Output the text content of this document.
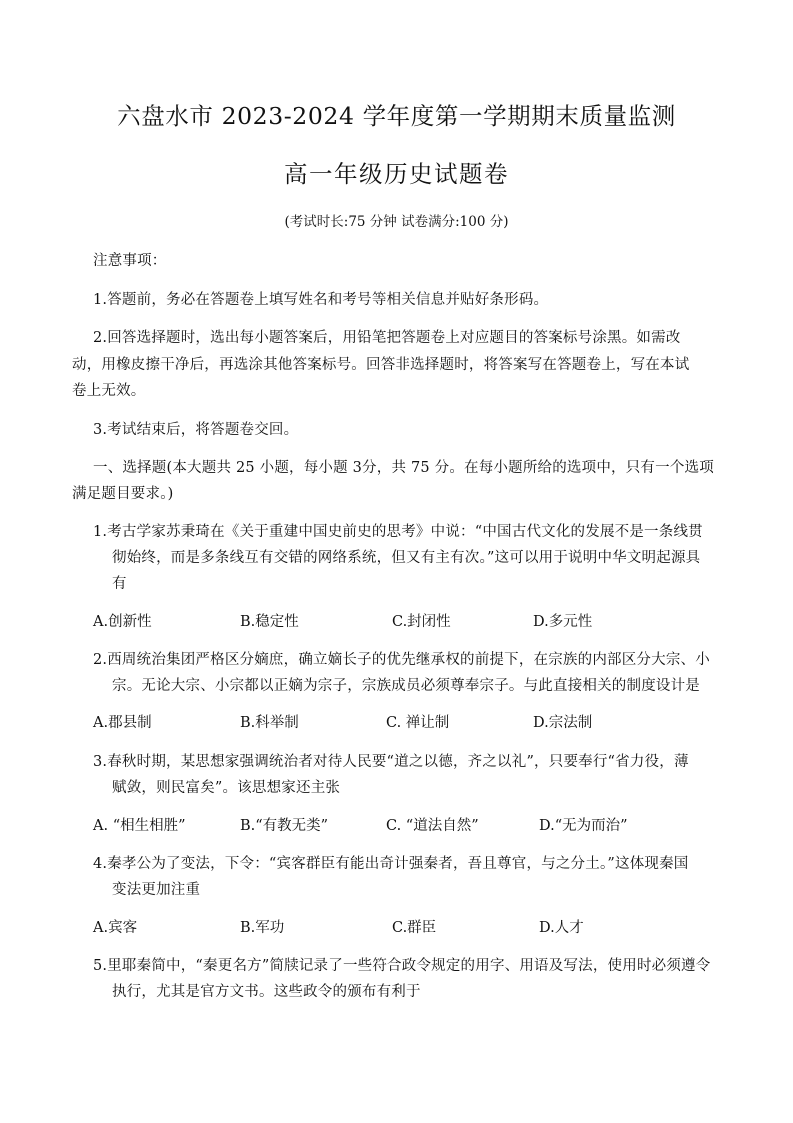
六盘水市 2023-2024 学年度第一学期期末质量监测
高一年级历史试题卷
(考试时长:75 分钟 试卷满分:100 分)
注意事项：
1.答题前，务必在答题卷上填写姓名和考号等相关信息并贴好条形码。
2.回答选择题时，选出每小题答案后，用铅笔把答题卷上对应题目的答案标号涂黑。如需改
动，用橡皮擦干净后，再选涂其他答案标号。回答非选择题时，将答案写在答题卷上，写在本试
卷上无效。
3.考试结束后，将答题卷交回。
一、选择题(本大题共 25 小题，每小题 3分，共 75 分。在每小题所给的选项中，只有一个选项
满足题目要求。)
1.考古学家苏秉琦在《关于重建中国史前史的思考》中说：“中国古代文化的发展不是一条线贯
彻始终，而是多条线互有交错的网络系统，但又有主有次。”这可以用于说明中华文明起源具
有
A.创新性	B.稳定性	C.封闭性	D.多元性
2.西周统治集团严格区分嫡庶，确立嫡长子的优先继承权的前提下，在宗族的内部区分大宗、小
宗。无论大宗、小宗都以正嫡为宗子，宗族成员必须尊奉宗子。与此直接相关的制度设计是
A.郡县制	B.科举制	C. 禅让制	D.宗法制
3.春秋时期，某思想家强调统治者对待人民要“道之以德，齐之以礼”，只要奉行“省力役，薄
赋敛，则民富矣”。该思想家还主张
A. “相生相胜”	B.“有教无类”	C. “道法自然”	D.“无为而治”
4.秦孝公为了变法，下令：“宾客群臣有能出奇计强秦者，吾且尊官，与之分土。”这体现秦国
变法更加注重
A.宾客	B.军功	C.群臣	D.人才
5.里耶秦简中，“秦更名方”简牍记录了一些符合政令规定的用字、用语及写法，使用时必须遵令
执行，尤其是官方文书。这些政令的颁布有利于
